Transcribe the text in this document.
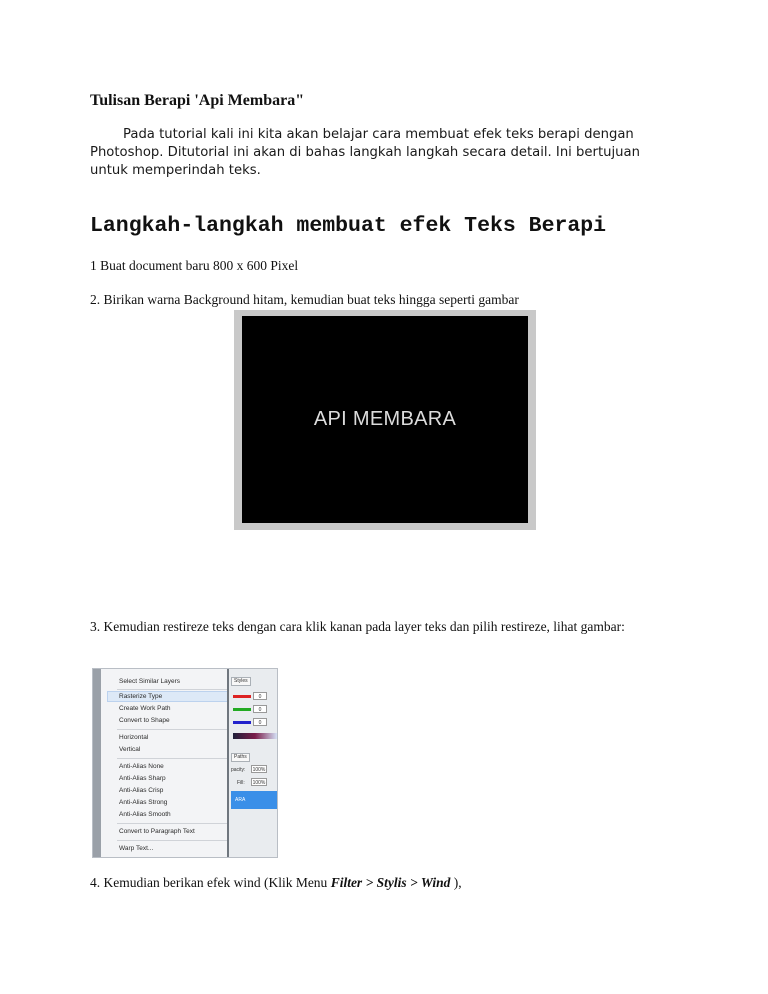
Tulisan Berapi 'Api Membara"

Pada tutorial kali ini kita akan belajar cara membuat efek teks berapi dengan Photoshop. Ditutorial ini akan di bahas langkah langkah secara detail. Ini bertujuan untuk memperindah teks.

Langkah-langkah membuat efek Teks Berapi

1 Buat document baru 800 x 600 Pixel

2. Birikan warna Background hitam, kemudian buat teks hingga seperti gambar

API MEMBARA

3. Kemudian restireze teks dengan cara klik kanan pada layer teks dan pilih restireze, lihat gambar:

Select Similar Layers
Rasterize Type
Create Work Path
Convert to Shape
Horizontal
Vertical
Anti-Alias None
Anti-Alias Sharp
Anti-Alias Crisp
Anti-Alias Strong
Anti-Alias Smooth
Convert to Paragraph Text
Warp Text...
Styles
0
0
0
Paths
pacity:	100%
Fill:	100%
ARA

4. Kemudian berikan efek wind (Klik Menu Filter > Stylis > Wind ),
